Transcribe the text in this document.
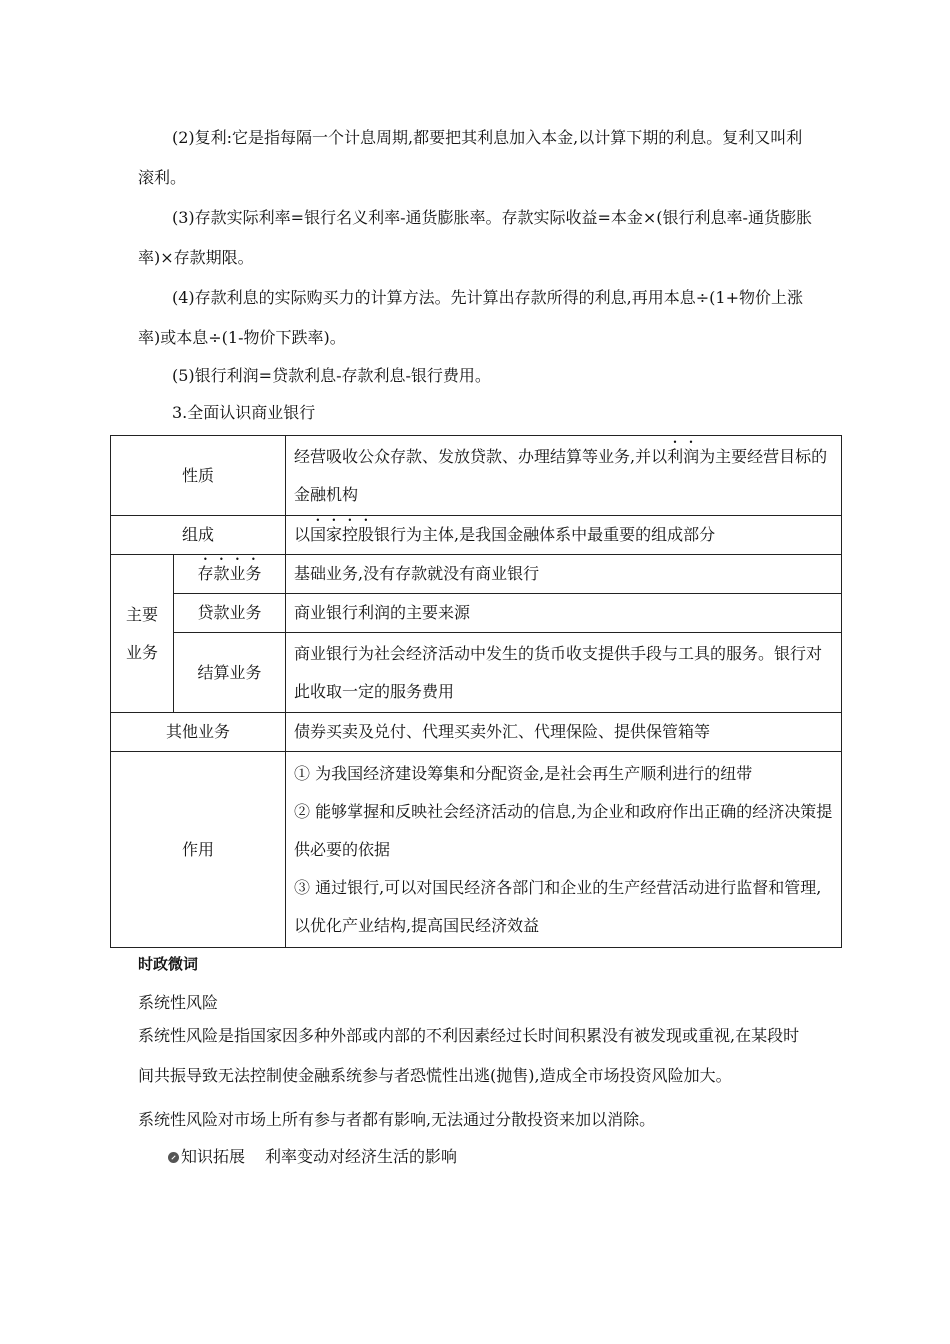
(2)复利:它是指每隔一个计息周期,都要把其利息加入本金,以计算下期的利息。复利又叫利滚利。

(3)存款实际利率=银行名义利率-通货膨胀率。存款实际收益=本金×(银行利息率-通货膨胀率)×存款期限。

(4)存款利息的实际购买力的计算方法。先计算出存款所得的利息,再用本息÷(1+物价上涨率)或本息÷(1-物价下跌率)。

(5)银行利润=贷款利息-存款利息-银行费用。

3.全面认识商业银行
性质		经营吸收公众存款、发放贷款、办理结算等业务,并以利润为主要经营目标的金融机构
组成		以国家控股银行为主体,是我国金融体系中最重要的组成部分
主要业务	存款业务	基础业务,没有存款就没有商业银行
	贷款业务	商业银行利润的主要来源
	结算业务	商业银行为社会经济活动中发生的货币收支提供手段与工具的服务。银行对此收取一定的服务费用
其他业务		债券买卖及兑付、代理买卖外汇、代理保险、提供保管箱等
作用		① 为我国经济建设筹集和分配资金,是社会再生产顺利进行的纽带
② 能够掌握和反映社会经济活动的信息,为企业和政府作出正确的经济决策提供必要的依据
③ 通过银行,可以对国民经济各部门和企业的生产经营活动进行监督和管理,以优化产业结构,提高国民经济效益
时政微词
系统性风险

系统性风险是指国家因多种外部或内部的不利因素经过长时间积累没有被发现或重视,在某段时间共振导致无法控制使金融系统参与者恐慌性出逃(抛售),造成全市场投资风险加大。

系统性风险对市场上所有参与者都有影响,无法通过分散投资来加以消除。

知识拓展 利率变动对经济生活的影响
